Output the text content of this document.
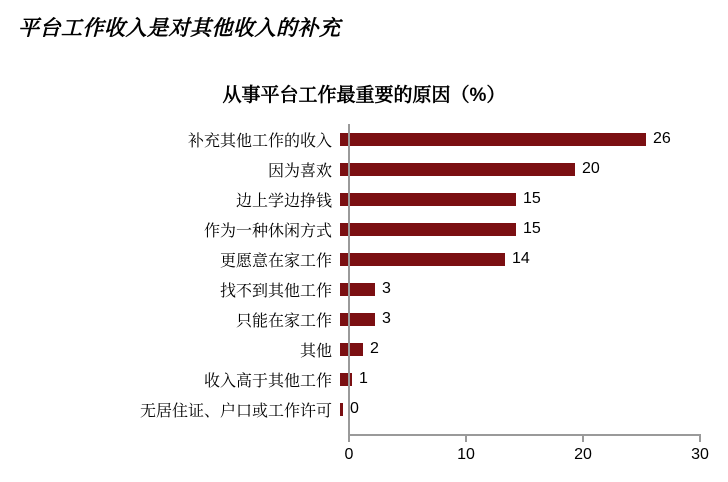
平台工作收入是对其他收入的补充
从事平台工作最重要的原因（%）
补充其他工作的收入	26
因为喜欢	20
边上学边挣钱	15
作为一种休闲方式	15
更愿意在家工作	14
找不到其他工作	3
只能在家工作	3
其他	2
收入高于其他工作	1
无居住证、户口或工作许可	0
0	10	20	30
